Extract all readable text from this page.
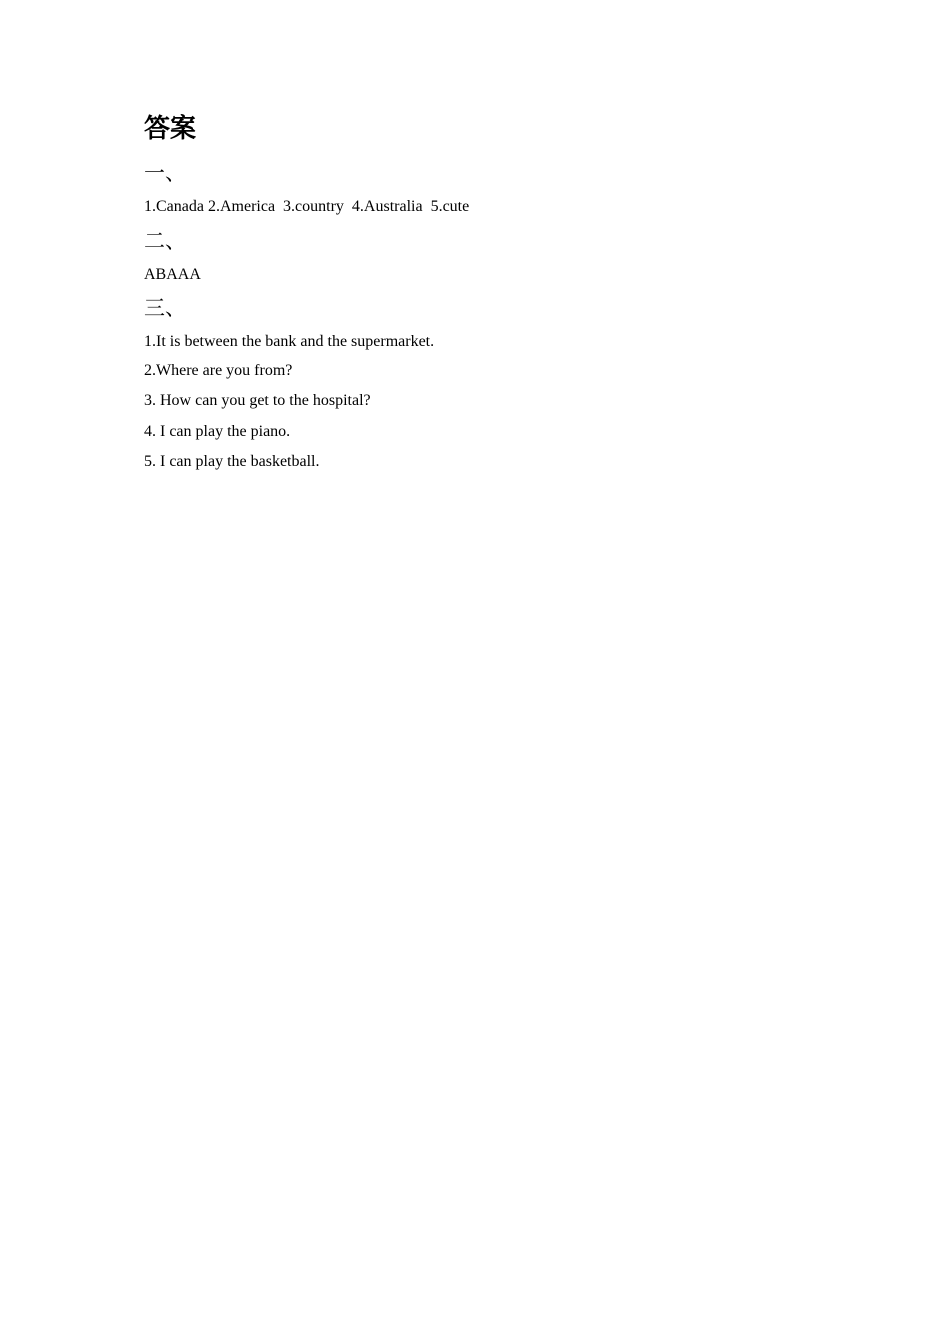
答案
一、
1.Canada 2.America  3.country  4.Australia  5.cute
二、
ABAAA
三、
1.It is between the bank and the supermarket.
2.Where are you from?
3. How can you get to the hospital?
4. I can play the piano.
5. I can play the basketball.
